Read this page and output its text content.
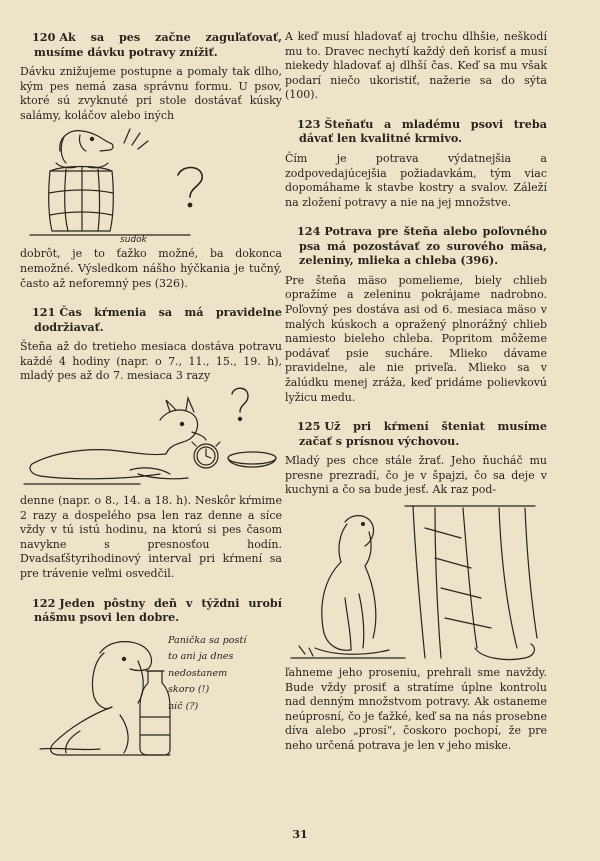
120 Ak sa pes začne zaguľaťovať, musíme dávku potravy znížiť.

Dávku znižujeme postupne a pomaly tak dlho, kým pes nemá zasa správnu formu. U psov, ktoré sú zvyknuté pri stole dostávať kúsky salámy, koláčov alebo iných

sudok

dobrôt, je to ťažko možné, ba dokonca nemožné. Výsledkom nášho hýčkania je tučný, často až neforemný pes (326).

121 Čas kŕmenia sa má pravidelne dodržiavať.

Šteňa až do tretieho mesiaca dostáva potravu každé 4 hodiny (napr. o 7., 11., 15., 19. h), mladý pes až do 7. mesiaca 3 razy

denne (napr. o 8., 14. a 18. h). Neskôr kŕmime 2 razy a dospelého psa len raz denne a síce vždy v tú istú hodinu, na ktorú si pes časom navykne s presnosťou hodín. Dvadsaťštyrihodinový interval pri kŕmení sa pre trávenie veľmi osvedčil.

122 Jeden pôstny deň v týždni urobí nášmu psovi len dobre.
Panička sa postí
to ani ja dnes
nedostanem
skoro (!)
nič (?)

A keď musí hladovať aj trochu dlhšie, neškodí mu to. Dravec nechytí každý deň korisť a musí niekedy hladovať aj dlhší čas. Keď sa mu však podarí niečo ukoristiť, nažerie sa do sýta (100).

123 Šteňaťu a mladému psovi treba dávať len kvalitné krmivo.

Čím je potrava výdatnejšia a zodpovedajúcejšia požiadavkám, tým viac dopomáhame k stavbe kostry a svalov. Záleží na zložení potravy a nie na jej množstve.

124 Potrava pre šteňa alebo poľovného psa má pozostávať zo surového mäsa, zeleniny, mlieka a chleba (396).

Pre šteňa mäso pomelieme, biely chlieb opražíme a zeleninu pokrájame nadrobno. Poľovný pes dostáva asi od 6. mesiaca mäso v malých kúskoch a opražený plnorážný chlieb namiesto bieleho chleba. Popritom môžeme podávať psie sucháre. Mlieko dávame pravidelne, ale nie priveľa. Mlieko sa v žalúdku menej zráža, keď pridáme polievkovú lyžicu medu.

125 Už pri kŕmení šteniat musíme začať s prísnou výchovou.

Mladý pes chce stále žrať. Jeho ňucháč mu presne prezradí, čo je v špajzi, čo sa deje v kuchyni a čo sa bude jesť. Ak raz pod-

ľahneme jeho proseniu, prehrali sme navždy. Bude vždy prosiť a stratíme úplne kontrolu nad denným množstvom potravy. Ak ostaneme neúprosní, čo je ťažké, keď sa na nás prosebne díva alebo „prosí“, čoskoro pochopí, že pre neho určená potrava je len v jeho miske.

31
